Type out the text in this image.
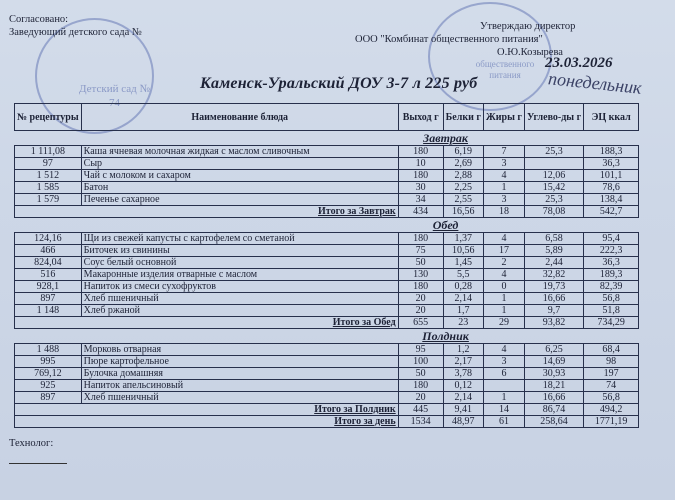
Детский сад № 74
общественного питания
Согласовано:
Заведующий детского сада №
Утверждаю директор
ООО "Комбинат общественного питания"
О.Ю.Козырева
23.03.2026
понедельник
Каменск-Уральский ДОУ 3-7 л 225 руб
№ рецептуры	Наименование блюда	Выход г	Белки г	Жиры г	Углево-ды г	ЭЦ ккал
Завтрак						
1 111,08	Каша ячневая молочная жидкая с маслом сливочным	180	6,19	7	25,3	188,3
97	Сыр	10	2,69	3		36,3
1 512	Чай с молоком и сахаром	180	2,88	4	12,06	101,1
1 585	Батон	30	2,25	1	15,42	78,6
1 579	Печенье сахарное	34	2,55	3	25,3	138,4
Итого за Завтрак		434	16,56	18	78,08	542,7
Обед						
124,16	Щи из свежей капусты с картофелем со сметаной	180	1,37	4	6,58	95,4
466	Биточек из свинины	75	10,56	17	5,89	222,3
824,04	Соус белый основной	50	1,45	2	2,44	36,3
516	Макаронные изделия отварные с маслом	130	5,5	4	32,82	189,3
928,1	Напиток из смеси сухофруктов	180	0,28	0	19,73	82,39
897	Хлеб пшеничный	20	2,14	1	16,66	56,8
1 148	Хлеб ржаной	20	1,7	1	9,7	51,8
Итого за Обед		655	23	29	93,82	734,29
Полдник						
1 488	Морковь отварная	95	1,2	4	6,25	68,4
995	Пюре картофельное	100	2,17	3	14,69	98
769,12	Булочка домашняя	50	3,78	6	30,93	197
925	Напиток апельсиновый	180	0,12		18,21	74
897	Хлеб пшеничный	20	2,14	1	16,66	56,8
Итого за Полдник		445	9,41	14	86,74	494,2
Итого за день		1534	48,97	61	258,64	1771,19
Технолог:
